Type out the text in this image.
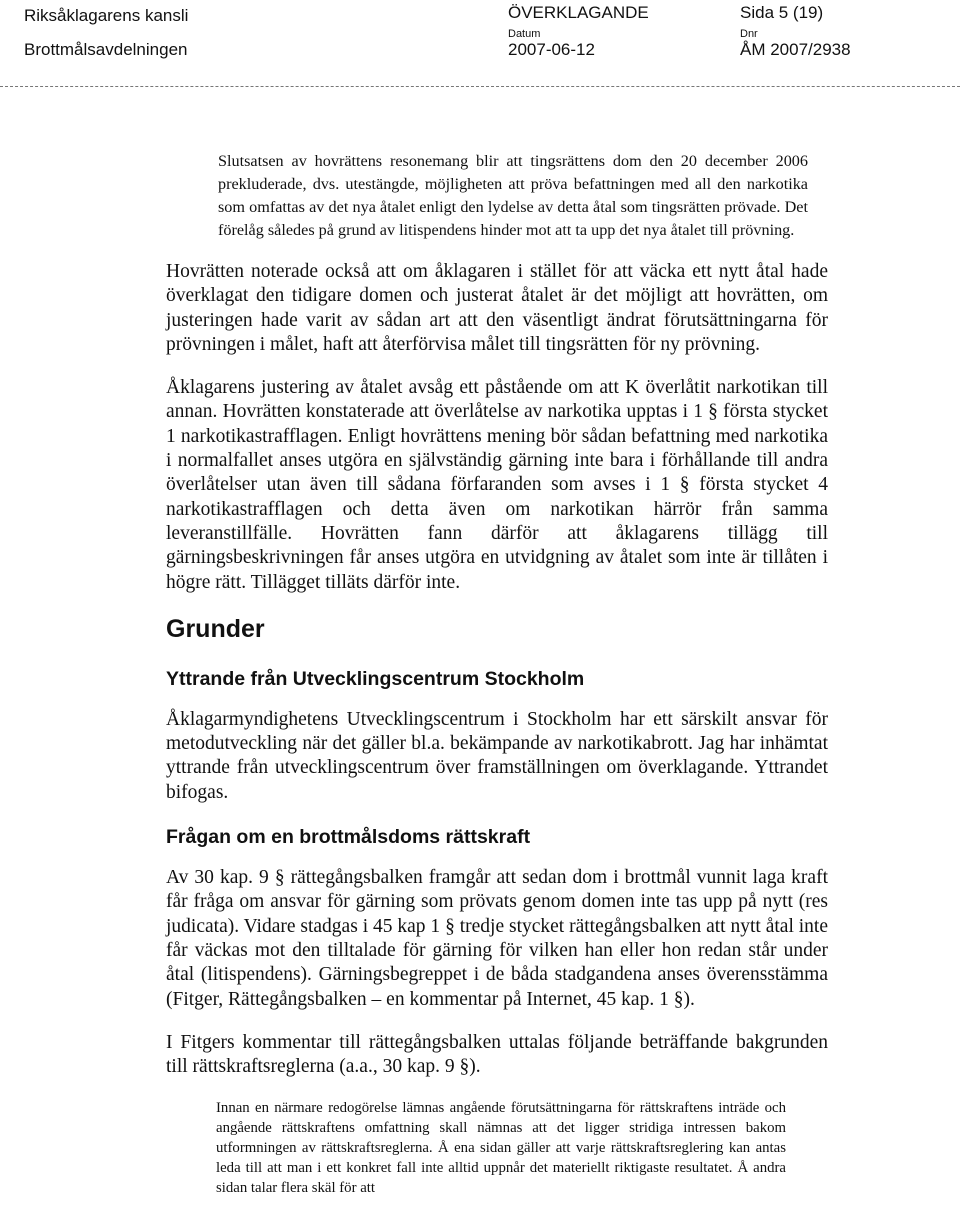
Riksåklagarens kansli
Brottmålsavdelningen
ÖVERKLAGANDE	Sida 5 (19)
Datum	Dnr
2007-06-12	ÅM 2007/2938

Slutsatsen av hovrättens resonemang blir att tingsrättens dom den 20 december 2006 prekluderade, dvs. utestängde, möjligheten att pröva befattningen med all den narkotika som omfattas av det nya åtalet enligt den lydelse av detta åtal som tingsrätten prövade. Det förelåg således på grund av litispendens hinder mot att ta upp det nya åtalet till prövning.

Hovrätten noterade också att om åklagaren i stället för att väcka ett nytt åtal hade överklagat den tidigare domen och justerat åtalet är det möjligt att hovrätten, om justeringen hade varit av sådan art att den väsentligt ändrat förutsättningarna för prövningen i målet, haft att återförvisa målet till tingsrätten för ny prövning.

Åklagarens justering av åtalet avsåg ett påstående om att K överlåtit narkotikan till annan. Hovrätten konstaterade att överlåtelse av narkotika upptas i 1 § första stycket 1 narkotikastrafflagen. Enligt hovrättens mening bör sådan befattning med narkotika i normalfallet anses utgöra en självständig gärning inte bara i förhållande till andra överlåtelser utan även till sådana förfaranden som avses i 1 § första stycket 4 narkotikastrafflagen och detta även om narkotikan härrör från samma leveranstillfälle. Hovrätten fann därför att åklagarens tillägg till gärningsbeskrivningen får anses utgöra en utvidgning av åtalet som inte är tillåten i högre rätt. Tillägget tilläts därför inte.

Grunder
Yttrande från Utvecklingscentrum Stockholm

Åklagarmyndighetens Utvecklingscentrum i Stockholm har ett särskilt ansvar för metodutveckling när det gäller bl.a. bekämpande av narkotikabrott. Jag har inhämtat yttrande från utvecklingscentrum över framställningen om överklagande. Yttrandet bifogas.

Frågan om en brottmålsdoms rättskraft

Av 30 kap. 9 § rättegångsbalken framgår att sedan dom i brottmål vunnit laga kraft får fråga om ansvar för gärning som prövats genom domen inte tas upp på nytt (res judicata). Vidare stadgas i 45 kap 1 § tredje stycket rättegångsbalken att nytt åtal inte får väckas mot den tilltalade för gärning för vilken han eller hon redan står under åtal (litispendens). Gärningsbegreppet i de båda stadgandena anses överensstämma (Fitger, Rättegångsbalken – en kommentar på Internet, 45 kap. 1 §).

I Fitgers kommentar till rättegångsbalken uttalas följande beträffande bakgrunden till rättskraftsreglerna (a.a., 30 kap. 9 §).

Innan en närmare redogörelse lämnas angående förutsättningarna för rättskraftens inträde och angående rättskraftens omfattning skall nämnas att det ligger stridiga intressen bakom utformningen av rättskraftsreglerna. Å ena sidan gäller att varje rättskraftsreglering kan antas leda till att man i ett konkret fall inte alltid uppnår det materiellt riktigaste resultatet. Å andra sidan talar flera skäl för att
